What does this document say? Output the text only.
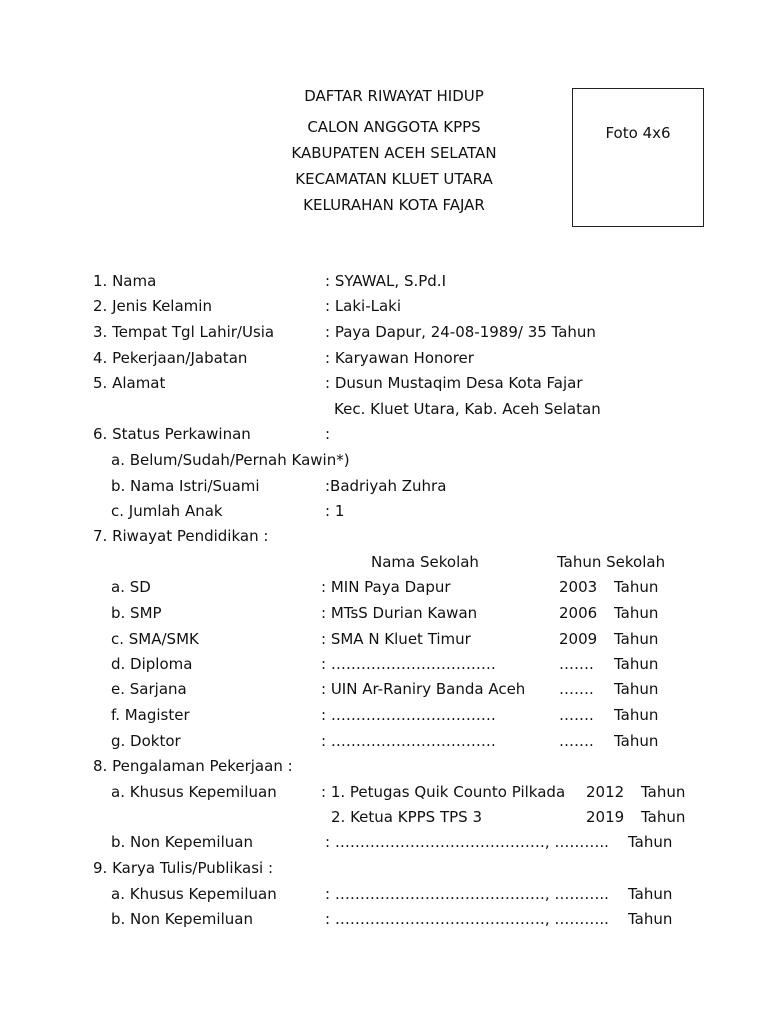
DAFTAR RIWAYAT HIDUP
CALON ANGGOTA KPPS
KABUPATEN ACEH SELATAN
KECAMATAN KLUET UTARA
KELURAHAN KOTA FAJAR
Foto 4x6
1. Nama	: SYAWAL, S.Pd.I
2. Jenis Kelamin	: Laki-Laki
3. Tempat Tgl Lahir/Usia	: Paya Dapur, 24-08-1989/ 35 Tahun
4. Pekerjaan/Jabatan	: Karyawan Honorer
5. Alamat	: Dusun Mustaqim Desa Kota Fajar
Kec. Kluet Utara, Kab. Aceh Selatan
6. Status Perkawinan	:
a. Belum/Sudah/Pernah Kawin*)
b. Nama Istri/Suami	:Badriyah Zuhra
c. Jumlah Anak	: 1
7. Riwayat Pendidikan :
Nama Sekolah	Tahun Sekolah
a. SD	: MIN Paya Dapur	2003 Tahun
b. SMP	: MTsS Durian Kawan	2006 Tahun
c. SMA/SMK	: SMA N Kluet Timur	2009 Tahun
d. Diploma	: ……………………………	……. Tahun
e. Sarjana	: UIN Ar-Raniry Banda Aceh ……. Tahun
f. Magister	: ……………………………	……. Tahun
g. Doktor	: ……………………………	……. Tahun
8. Pengalaman Pekerjaan :
a. Khusus Kepemiluan	: 1. Petugas Quik Counto Pilkada 2012 Tahun
2. Ketua KPPS TPS 3	2019 Tahun
b. Non Kepemiluan	: ……………………………………, ……….. Tahun
9. Karya Tulis/Publikasi :
a. Khusus Kepemiluan	: ……………………………………, ……….. Tahun
b. Non Kepemiluan	: ……………………………………, ……….. Tahun
